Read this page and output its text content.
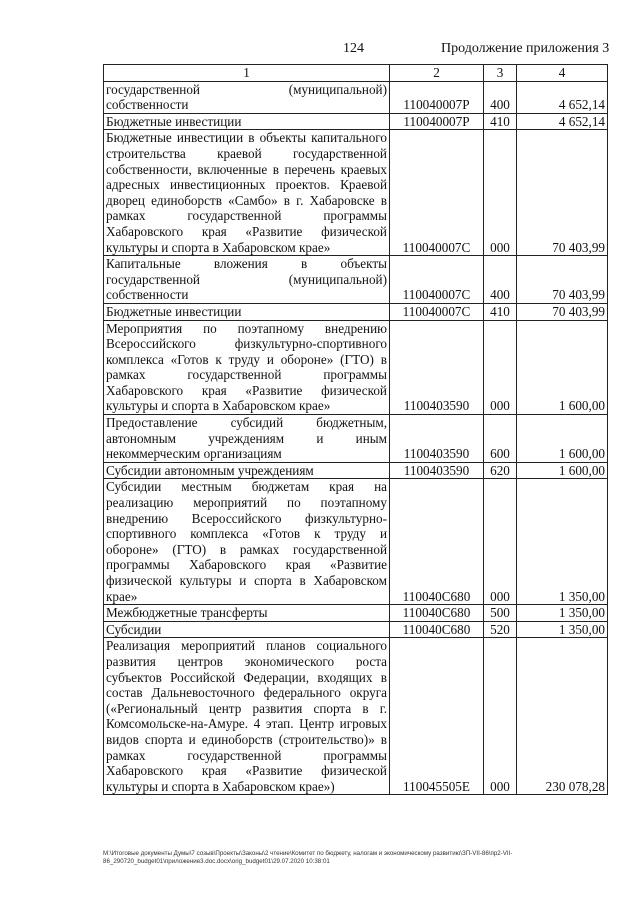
124	Продолжение приложения 3
1	2	3	4
государственной (муниципальной) собственности	110040007Р	400	4 652,14
Бюджетные инвестиции	110040007Р	410	4 652,14
Бюджетные инвестиции в объекты капитального строительства краевой государственной собственности, включенные в перечень краевых адресных инвестиционных проектов. Краевой дворец единоборств «Самбо» в г. Хабаровске в рамках государственной программы Хабаровского края «Развитие физической культуры и спорта в Хабаровском крае»	110040007С	000	70 403,99
Капитальные вложения в объекты государственной (муниципальной) собственности	110040007С	400	70 403,99
Бюджетные инвестиции	110040007С	410	70 403,99
Мероприятия по поэтапному внедрению Всероссийского физкультурно-спортивного комплекса «Готов к труду и обороне» (ГТО) в рамках государственной программы Хабаровского края «Развитие физической культуры и спорта в Хабаровском крае»	1100403590	000	1 600,00
Предоставление субсидий бюджетным, автономным учреждениям и иным некоммерческим организациям	1100403590	600	1 600,00
Субсидии автономным учреждениям	1100403590	620	1 600,00
Субсидии местным бюджетам края на реализацию мероприятий по поэтапному внедрению Всероссийского физкультурно-спортивного комплекса «Готов к труду и обороне» (ГТО) в рамках государственной программы Хабаровского края «Развитие физической культуры и спорта в Хабаровском крае»	110040С680	000	1 350,00
Межбюджетные трансферты	110040С680	500	1 350,00
Субсидии	110040С680	520	1 350,00
Реализация мероприятий планов социального развития центров экономического роста субъектов Российской Федерации, входящих в состав Дальневосточного федерального округа («Региональный центр развития спорта в г. Комсомольске-на-Амуре. 4 этап. Центр игровых видов спорта и единоборств (строительство)» в рамках государственной программы Хабаровского края «Развитие физической культуры и спорта в Хабаровском крае»)	110045505Е	000	230 078,28
M:\Итоговые документы Думы\7 созыв\Проекты\Законы\2 чтение\Комитет по бюджету, налогам и экономическому развитию\ЗП-VII-86\пр2-VII-86_290720_budget01\приложение3.doc.docx\orig_budget01\29.07.2020 10:38:01
